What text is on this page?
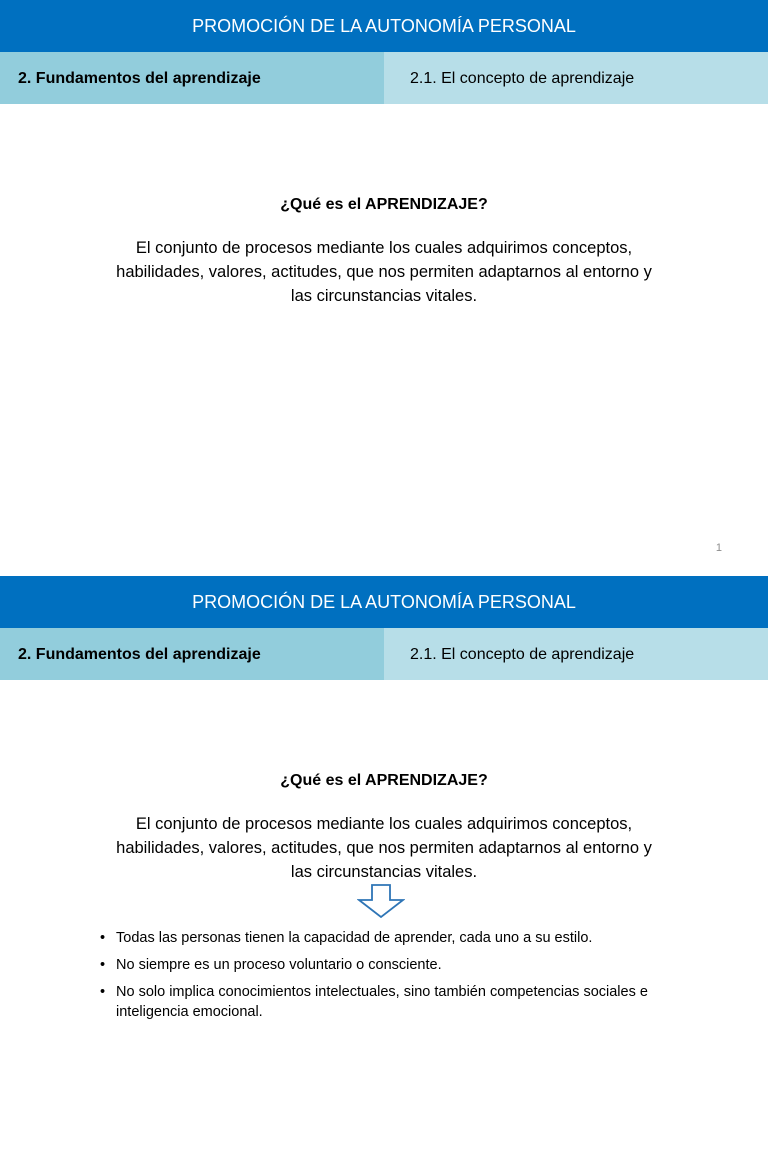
PROMOCIÓN DE LA AUTONOMÍA PERSONAL
2. Fundamentos del aprendizaje	2.1. El concepto de aprendizaje
¿Qué es el APRENDIZAJE?
El conjunto de procesos mediante los cuales adquirimos conceptos, habilidades, valores, actitudes, que nos permiten adaptarnos al entorno y las circunstancias vitales.
1
PROMOCIÓN DE LA AUTONOMÍA PERSONAL
2. Fundamentos del aprendizaje	2.1. El concepto de aprendizaje
¿Qué es el APRENDIZAJE?
El conjunto de procesos mediante los cuales adquirimos conceptos, habilidades, valores, actitudes, que nos permiten adaptarnos al entorno y las circunstancias vitales.
• Todas las personas tienen la capacidad de aprender, cada uno a su estilo.
• No siempre es un proceso voluntario o consciente.
• No solo implica conocimientos intelectuales, sino también competencias sociales e inteligencia emocional.
